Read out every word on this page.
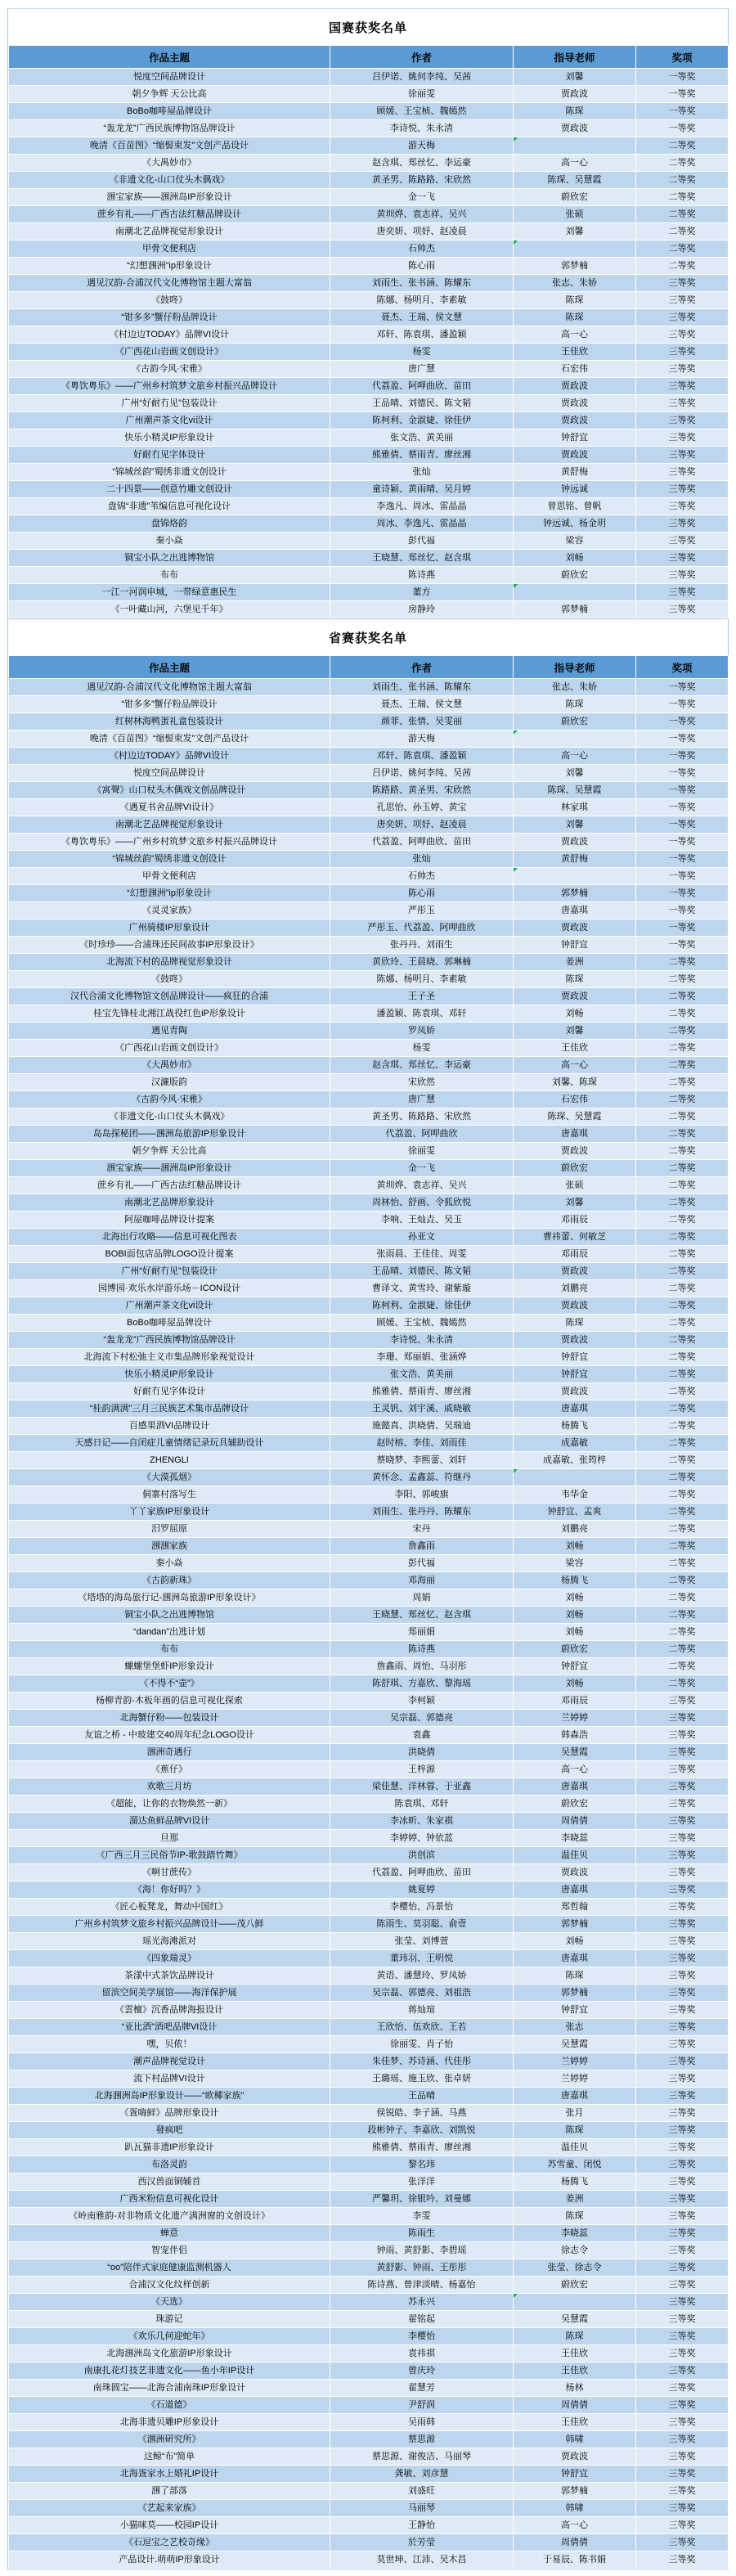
国赛获奖名单
作品主题	作者	指导老师	奖项
悦度空间品牌设计	吕伊诺、姚何李纯、吴茜	刘馨	一等奖
朝夕争辉 天公比高	徐丽雯	贾政波	一等奖
BoBo咖啡屋品牌设计	顾媛、王宝桢、魏嫣然	陈琛	一等奖
“轰龙龙”广西民族博物馆品牌设计	李诗悦、朱永清	贾政波	一等奖
晚清《百苗图》“缩髻束发”文创产品设计	游天梅		二等奖
《大禺妙市》	赵含琪、郑丝忆、李运豪	高一心	二等奖
《非遗文化-山口仗头木偶戏》	黄圣男、陈路路、宋欣然	陈琛、吴慧霞	二等奖
涠宝家族——涠洲岛IP形象设计	金一飞	蔚欣宏	二等奖
蔗乡有礼——广西古法红糖品牌设计	黄圳烨、袁志祥、吴兴	张硕	二等奖
南潮北艺品牌视觉形象设计	唐奕妍、项妤、赵凌晨	刘馨	二等奖
甲骨文便利店	石帅杰		二等奖
“幻想涠洲”ip形象设计	陈心雨	郭梦楠	二等奖
遇见汉韵-合浦汉代文化博物馆主题大富翁	刘雨生、张书涵、陈耀东	张志、朱娇	三等奖
《鼓咚》	陈娜、杨明月、李素敏	陈琛	三等奖
“钳多多”蟹仔粉品牌设计	聂杰、王瑞、侯文慧	陈琛	三等奖
《村边边TODAY》品牌VI设计	邓轩、陈袁琪、潘盈颖	高一心	三等奖
《广西花山岩画文创设计》	杨雯	王佳欣	三等奖
《古韵今风·宋雅》	唐广慧	石宏伟	三等奖
《粤饮粤乐》——广州乡村筑梦文旅乡村振兴品牌设计	代荔盈、阿呷曲欣、苗田	贾政波	三等奖
广州“好耐冇见”包装设计	王品晴、刘德民、陈文韬	贾政波	三等奖
广州潮声茶文化vi设计	陈柯利、金淑婕、徐佳伊	贾政波	三等奖
快乐小精灵IP形象设计	张文浩、黄美丽	钟舒宜	三等奖
好耐冇见字体设计	熊雅倩、蔡雨青、廖丝湘	贾政波	三等奖
“锦城丝韵”蜀绣非遗文创设计	张灿	黄舒梅	三等奖
二十四景——创意竹雕文创设计	童诗颖、黄雨晴、吴月婷	钟远诚	三等奖
盘锦“非遗”苇编信息可视化设计	李逸凡、周冰、雷晶晶	曾思铭、曾帆	三等奖
盘锦烙韵	周冰、李逸凡、雷晶晶	钟远诚、杨金玥	三等奖
秦小焱	彭代福	梁容	三等奖
铜宝小队之出逃博物馆	王晓慧、郑丝忆、赵含琪	刘畅	三等奖
布布	陈诗燕	蔚欣宏	三等奖
一江一河润申城，一带绿意惠民生	董方		三等奖
《一叶藏山河，六堡见千年》	房静玲	郭梦楠	三等奖
省赛获奖名单
作品主题	作者	指导老师	奖项
遇见汉韵-合浦汉代文化博物馆主题大富翁	刘雨生、张书涵、陈耀东	张志、朱娇	一等奖
“钳多多”蟹仔粉品牌设计	聂杰、王瑞、侯文慧	陈琛	一等奖
红树林海鸭蛋礼盒包装设计	颜菲、张情、吴雯丽	蔚欣宏	一等奖
晚清《百苗图》“缩髻束发”文创产品设计	游天梅		一等奖
《村边边TODAY》品牌VI设计	邓轩、陈袁琪、潘盈颖	高一心	一等奖
悦度空间品牌设计	吕伊诺、姚何李纯、吴茜	刘馨	一等奖
《寓聲》山口杖头木偶戏文创品牌设计	陈路路、黄圣男、宋欣然	陈琛、吴慧霞	一等奖
《遇夏书舍品牌VI设计》	孔思怡、孙玉婷、黄宝	林家琪	一等奖
南潮北艺品牌视觉形象设计	唐奕妍、项妤、赵凌晨	刘馨	一等奖
《粤饮粤乐》——广州乡村筑梦文旅乡村振兴品牌设计	代荔盈、阿呷曲欣、苗田	贾政波	一等奖
“锦城丝韵”蜀绣非遗文创设计	张灿	黄舒梅	一等奖
甲骨文便利店	石帅杰		一等奖
“幻想涠洲”ip形象设计	陈心雨	郭梦楠	一等奖
《灵灵家族》	严彤玉	唐嘉琪	一等奖
广州骑楼IP形象设计	严彤玉、代荔盈、阿呷曲欣	贾政波	一等奖
《时珍珍——合浦珠还民间故事IP形象设计》	张丹丹、刘雨生	钟舒宜	一等奖
北海流下村的品牌视觉形象设计	黄欣玲、王晨晓、郭琳楠	姜洲	二等奖
《鼓咚》	陈娜、杨明月、李素敏	陈琛	二等奖
汉代合浦文化博物馆文创品牌设计——疯狂的合浦	王子圣	贾政波	二等奖
桂宝先锋桂北湘江战役红色iP形象设计	潘盈颖、陈袁琪、邓轩	刘畅	二等奖
遇见青陶	罗凤娇	刘馨	二等奖
《广西花山岩画文创设计》	杨雯	王佳欣	二等奖
《大禺妙市》	赵含琪、郑丝忆、李运豪	高一心	二等奖
汉濂版韵	宋欣然	刘馨、陈琛	二等奖
《古韵今风·宋雅》	唐广慧	石宏伟	二等奖
《非遗文化-山口仗头木偶戏》	黄圣男、陈路路、宋欣然	陈琛、吴慧霞	二等奖
岛岛探秘团——涠洲岛旅游IP形象设计	代荔盈、阿呷曲欣	唐嘉琪	二等奖
朝夕争辉 天公比高	徐丽雯	贾政波	二等奖
涠宝家族——涠洲岛IP形象设计	金一飞	蔚欣宏	二等奖
蔗乡有礼——广西古法红糖品牌设计	黄圳烨、袁志祥、吴兴	张硕	二等奖
南潮北艺品牌形象设计	周林怡、舒画、令狐欣悦	刘馨	二等奖
阿屋咖啡品牌设计提案	李响、王灿垚、吴玉	邓雨辰	二等奖
北海出行攻略——信息可视化图表	孙亚文	曹祎蕾、何敏芝	二等奖
BOBI面包店品牌LOGO设计提案	张雨晨、王佳佳、周雯	邓雨辰	二等奖
广州“好耐冇见”包装设计	王品晴、刘德民、陈文韬	贾政波	二等奖
园博园·欢乐水岸游乐场－ICON设计	曹译文、黄雪玲、谢紫璇	刘鹏亮	二等奖
广州潮声茶文化vi设计	陈柯利、金淑婕、徐佳伊	贾政波	二等奖
BoBo咖啡屋品牌设计	顾媛、王宝桢、魏嫣然	陈琛	二等奖
“轰龙龙”广西民族博物馆品牌设计	李诗悦、朱永清	贾政波	二等奖
北海流下村松弛主义市集品牌形象视觉设计	李珊、郑丽娟、张涵烨	钟舒宜	二等奖
快乐小精灵IP形象设计	张文浩、黄美丽	钟舒宜	二等奖
好耐冇见字体设计	熊雅倩、蔡雨青、廖丝湘	贾政波	二等奖
“桂韵满满”三月三民族艺术集市品牌设计	王灵钒、刘宇溪、戚晓敏	唐嘉琪	二等奖
百感果酒VI品牌设计	施懿真、洪晓倩、吴瑞迪	杨腾飞	二等奖
天感日记——自闭症儿童情绪记录玩具辅助设计	赵时榕、李佳、刘雨佳	成嘉敏	二等奖
ZHENGLI	蔡晓梦、李熙蕾、刘轩	成嘉敏、张筠梓	二等奖
《大漠孤烟》	黄怀念、孟鑫蕊、符继丹		二等奖
侗寨村落写生	李阳、郭峻旗	韦华金	二等奖
丫丫家族IP形象设计	刘雨生、张丹丹、陈耀东	钟舒宜、孟爽	二等奖
汨罗屈原	宋丹	刘鹏亮	二等奖
涠涠家族	詹鑫雨	刘畅	二等奖
秦小焱	彭代福	梁容	二等奖
《古韵新珠》	邓海丽	杨腾飞	二等奖
《塔塔的海岛旅行记-涠洲岛旅游IP形象设计》	周娟	刘畅	二等奖
铜宝小队之出逃博物馆	王晓慧、郑丝忆、赵含琪	刘畅	二等奖
“dandan”出逃计划	郑丽娟	刘畅	二等奖
布布	陈诗燕	蔚欣宏	二等奖
螺螺堡堡虾IP形象设计	詹鑫雨、周怡、马羽彤	钟舒宜	二等奖
《不得不“壶”》	陈舒琪、方嘉欣、黎海瑶	刘畅	二等奖
杨柳青韵-木板年画的信息可视化探索	李柯颖	邓雨辰	三等奖
北海蟹仔粉——包装设计	吴宗磊、郭德亮	兰婷婷	三等奖
友谊之桥 - 中玻建交40周年纪念LOGO设计	袁鑫	韩森浩	三等奖
涠洲奇遇行	洪晓倩	吴慧霞	三等奖
《蕉仔》	王梓源	高一心	三等奖
欢歌三月坊	梁佳慧、洋林蓉、于亚鑫	唐嘉琪	三等奖
《超能，让你的衣物焕然一新》	陈袁琪、邓轩	蔚欣宏	三等奖
溜达鱼鲜品牌VI设计	李冰昕、朱家祺	周倩倩	三等奖
旦那	李婷婷、钟依蓝	李晓蕊	三等奖
《广西三月三民俗节IP-歌鼓踏竹舞》	洪创滨	温佳贝	三等奖
《啊甘蔗传》	代荔盈、阿呷曲欣、苗田	贾政波	三等奖
《海！你好吗？》	姚夏婷	唐嘉琪	三等奖
《匠心板凳龙，舞动中国红》	李樱怡、冯景怡	郑哲翰	三等奖
广州乡村筑梦文旅乡村振兴品牌设计——茂八鲜	陈雨生、莫羽聪、俞壹	郭梦楠	三等奖
瑶光海滩派对	张莹、刘博萱	刘畅	三等奖
《四象瑞灵》	董玮羽、王明悦	唐嘉琪	三等奖
茶漾中式茶饮品牌设计	黄语、潘慧玲、罗凤娇	陈琛	三等奖
留滨空间美学展馆——海洋保护展	吴宗磊、郭德亮、刘祖浩	郭梦楠	三等奖
《雲檀》沉香品牌海报设计	蒋灿瑄	钟舒宜	三等奖
“亚比酒”酒吧品牌VI设计	王欣怡、伍欢欣、王若	张志	三等奖
嘿，贝侬！	徐丽雯、肖子怡	吴慧霞	三等奖
潮声品牌视觉设计	朱佳梦、苏诗涵、代佳彤	兰婷婷	三等奖
流下村品牌VI设计	王璐瑶、施玉欣、张卓妍	兰婷婷	三等奖
北海涠洲岛IP形象设计——“欧椰家族”	王品晴	唐嘉琪	三等奖
《疍嗨鲜》品牌形象设计	侯锐皓、李子涵、马燕	张月	三等奖
發疯吧	段彬钟子、李嘉欣、刘凯悦	陈琛	三等奖
趴瓦猫非遗IP形象设计	熊雅倩、蔡雨青、廖丝湘	温佳贝	三等奖
布洛灵韵	黎名玮	苏雪童、闭悦	三等奖
西汉兽面铜辅首	张洋洋	杨腾飞	三等奖
广西米粉信息可视化设计	严馨玥、徐银吟、刘曼娜	姜洲	三等奖
《岭南雅韵-对非物质文化遗产满洲窗的文创设计》	李雯	陈琛	三等奖
蝉意	陈雨生	李晓蕊	三等奖
智宠伴侣	钟雨、黄舒影、李碧瑶	徐志令	三等奖
“oo”陪伴式家庭健康监测机器人	黄舒影、钟雨、王彤彤	张莹、徐志令	三等奖
合浦汉文化纹样创新	陈诗燕、曾津淡晴、杨嘉怡	蔚欣宏	三等奖
《天选》	苏永兴		三等奖
珠游记	翟铭起	吴慧霞	三等奖
《欢乐几何迎蛇年》	李樱怡	陈琛	三等奖
北海涠洲岛文化旅游IP形象设计	袁祎祺	王佳欣	三等奖
南康扎花灯技艺非遗文化——鱼小年IP设计	曾庆玲	王佳欣	三等奖
南珠圆宝——北海合浦南珠IP形象设计	翟慧芳	杨林	三等奖
《石道德》	尹舒润	周倩倩	三等奖
北海非遗贝雕IP形象设计	吴雨韩	王佳欣	三等奖
《涠洲研究所》	蔡思源	韩啸	三等奖
这鲸“布”简单	蔡思源、谢俊洁、马丽琴	贾政波	三等奖
北海疍家水上婚礼IP设计	龚敏、刘彦慧	钟舒宜	三等奖
涠了部落	刘盛旺	郭梦楠	三等奖
《艺起来家族》	马丽琴	韩啸	三等奖
小猫咪莫——校园IP设计	王静怡	高一心	三等奖
《石逗宝之艺校奇缘》	於芳莹	周倩倩	三等奖
产品设计.萌萌IP形象设计	莫世坤、江沛、吴木昌	于易辰、陈书娟	三等奖
